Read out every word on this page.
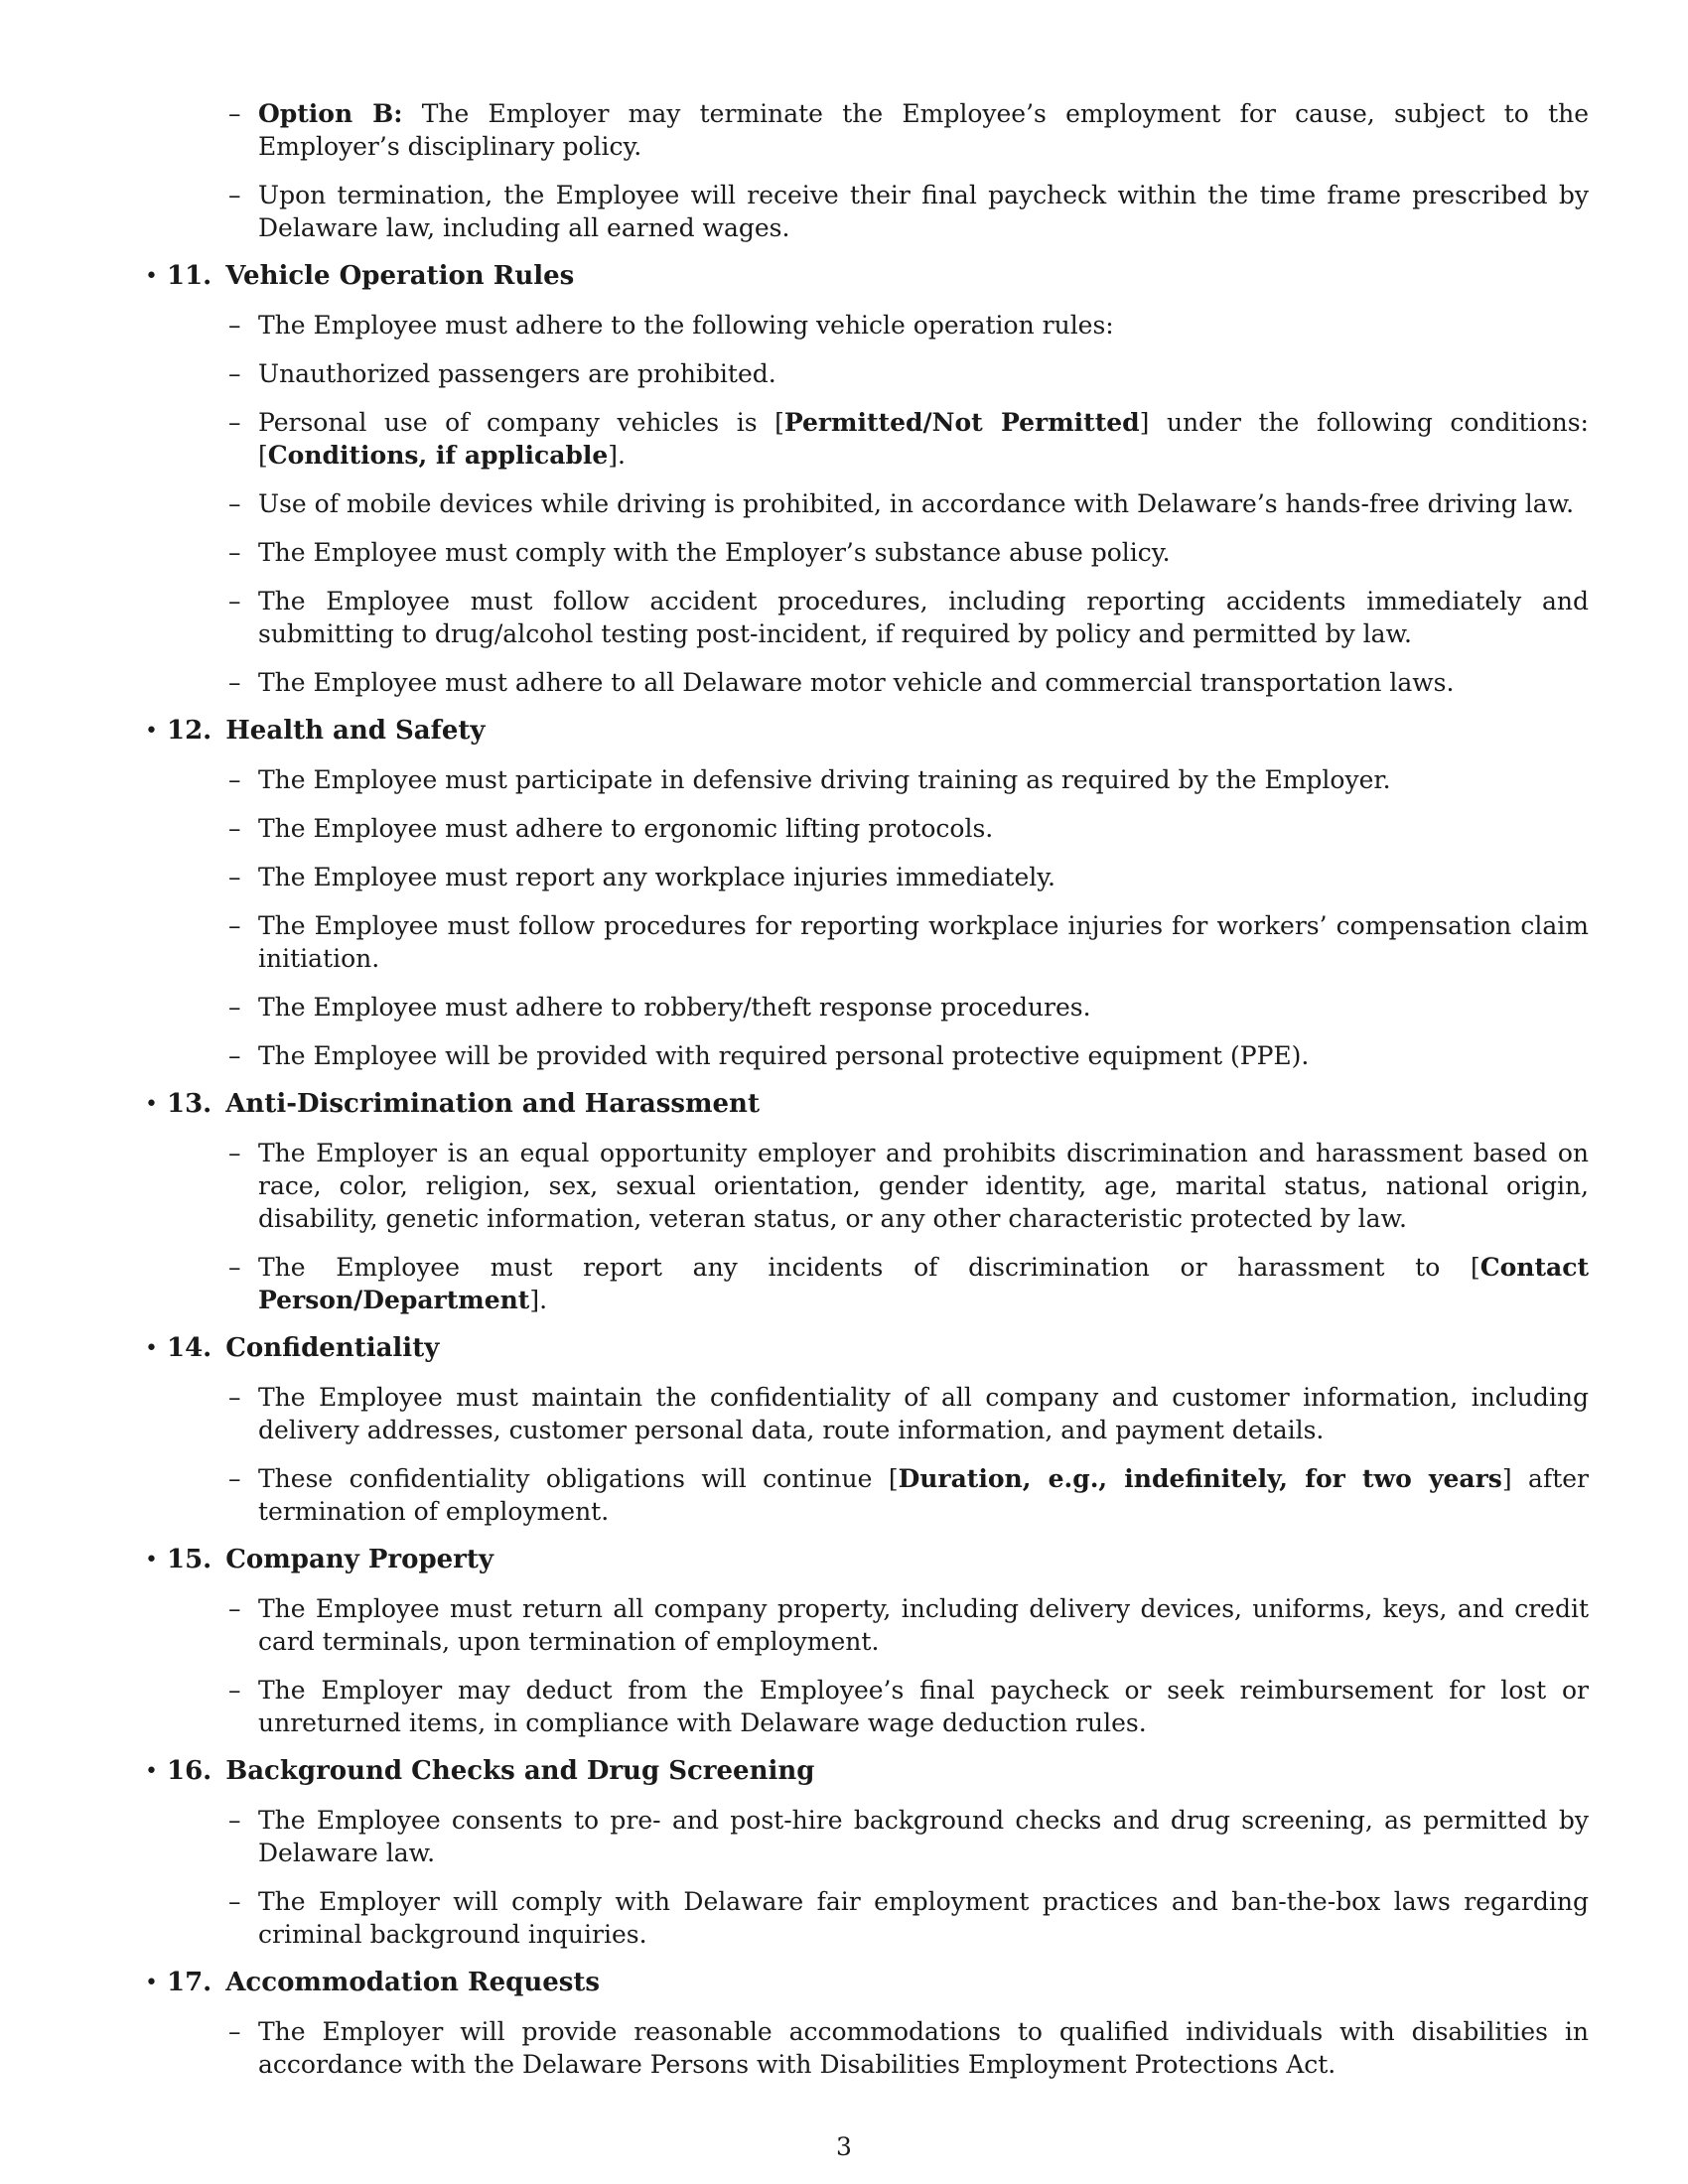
– Option B: The Employer may terminate the Employee’s employment for cause, subject to the Employer’s disciplinary policy.
– Upon termination, the Employee will receive their final paycheck within the time frame prescribed by Delaware law, including all earned wages.
• 11. Vehicle Operation Rules
– The Employee must adhere to the following vehicle operation rules:
– Unauthorized passengers are prohibited.
– Personal use of company vehicles is [Permitted/Not Permitted] under the following conditions: [Conditions, if applicable].
– Use of mobile devices while driving is prohibited, in accordance with Delaware’s hands-free driving law.
– The Employee must comply with the Employer’s substance abuse policy.
– The Employee must follow accident procedures, including reporting accidents immediately and submitting to drug/alcohol testing post-incident, if required by policy and permitted by law.
– The Employee must adhere to all Delaware motor vehicle and commercial transportation laws.
• 12. Health and Safety
– The Employee must participate in defensive driving training as required by the Employer.
– The Employee must adhere to ergonomic lifting protocols.
– The Employee must report any workplace injuries immediately.
– The Employee must follow procedures for reporting workplace injuries for workers’ compensation claim initiation.
– The Employee must adhere to robbery/theft response procedures.
– The Employee will be provided with required personal protective equipment (PPE).
• 13. Anti-Discrimination and Harassment
– The Employer is an equal opportunity employer and prohibits discrimination and harassment based on race, color, religion, sex, sexual orientation, gender identity, age, marital status, national origin, disability, genetic information, veteran status, or any other characteristic protected by law.
– The Employee must report any incidents of discrimination or harassment to [Contact Person/Department].
• 14. Confidentiality
– The Employee must maintain the confidentiality of all company and customer information, including delivery addresses, customer personal data, route information, and payment details.
– These confidentiality obligations will continue [Duration, e.g., indefinitely, for two years] after termination of employment.
• 15. Company Property
– The Employee must return all company property, including delivery devices, uniforms, keys, and credit card terminals, upon termination of employment.
– The Employer may deduct from the Employee’s final paycheck or seek reimbursement for lost or unreturned items, in compliance with Delaware wage deduction rules.
• 16. Background Checks and Drug Screening
– The Employee consents to pre- and post-hire background checks and drug screening, as permitted by Delaware law.
– The Employer will comply with Delaware fair employment practices and ban-the-box laws regarding criminal background inquiries.
• 17. Accommodation Requests
– The Employer will provide reasonable accommodations to qualified individuals with disabilities in accordance with the Delaware Persons with Disabilities Employment Protections Act.
3
